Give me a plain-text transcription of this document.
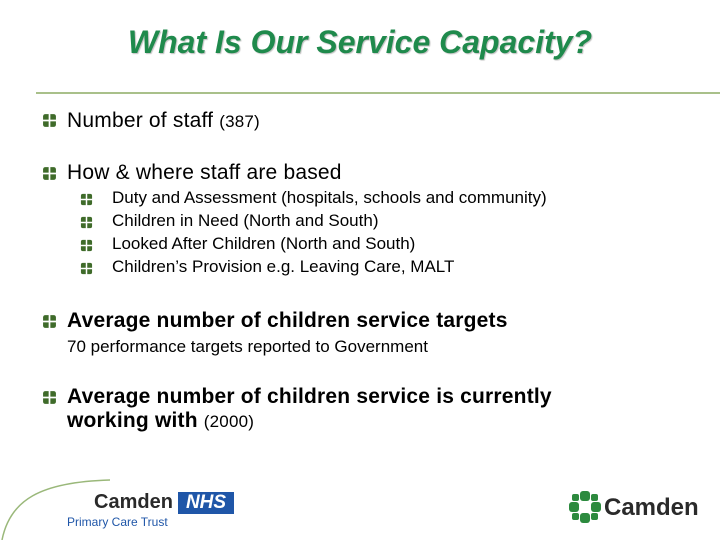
What Is Our Service Capacity?
Number of staff (387)
How & where staff are based
Duty and Assessment (hospitals, schools and community)
Children in Need (North and South)
Looked After Children (North and South)
Children’s Provision e.g. Leaving Care, MALT
Average number of children service targets
70 performance targets reported to Government
Average number of children service is currently
working with (2000)
Camden NHS
Primary Care Trust
Camden
